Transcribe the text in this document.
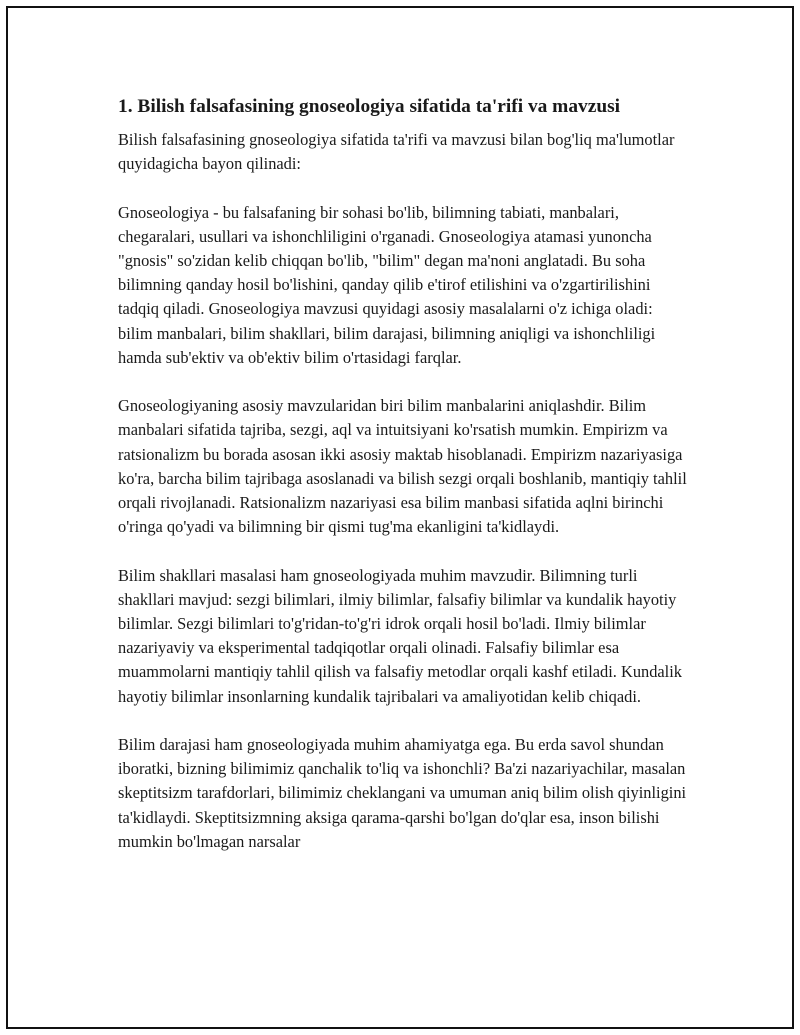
1. Bilish falsafasining gnoseologiya sifatida ta'rifi va mavzusi

Bilish falsafasining gnoseologiya sifatida ta'rifi va mavzusi bilan bog'liq ma'lumotlar quyidagicha bayon qilinadi:

Gnoseologiya - bu falsafaning bir sohasi bo'lib, bilimning tabiati, manbalari, chegaralari, usullari va ishonchliligini o'rganadi. Gnoseologiya atamasi yunoncha "gnosis" so'zidan kelib chiqqan bo'lib, "bilim" degan ma'noni anglatadi. Bu soha bilimning qanday hosil bo'lishini, qanday qilib e'tirof etilishini va o'zgartirilishini tadqiq qiladi. Gnoseologiya mavzusi quyidagi asosiy masalalarni o'z ichiga oladi: bilim manbalari, bilim shakllari, bilim darajasi, bilimning aniqligi va ishonchliligi hamda sub'ektiv va ob'ektiv bilim o'rtasidagi farqlar.

Gnoseologiyaning asosiy mavzularidan biri bilim manbalarini aniqlashdir. Bilim manbalari sifatida tajriba, sezgi, aql va intuitsiyani ko'rsatish mumkin. Empirizm va ratsionalizm bu borada asosan ikki asosiy maktab hisoblanadi. Empirizm nazariyasiga ko'ra, barcha bilim tajribaga asoslanadi va bilish sezgi orqali boshlanib, mantiqiy tahlil orqali rivojlanadi. Ratsionalizm nazariyasi esa bilim manbasi sifatida aqlni birinchi o'ringa qo'yadi va bilimning bir qismi tug'ma ekanligini ta'kidlaydi.

Bilim shakllari masalasi ham gnoseologiyada muhim mavzudir. Bilimning turli shakllari mavjud: sezgi bilimlari, ilmiy bilimlar, falsafiy bilimlar va kundalik hayotiy bilimlar. Sezgi bilimlari to'g'ridan-to'g'ri idrok orqali hosil bo'ladi. Ilmiy bilimlar nazariyaviy va eksperimental tadqiqotlar orqali olinadi. Falsafiy bilimlar esa muammolarni mantiqiy tahlil qilish va falsafiy metodlar orqali kashf etiladi. Kundalik hayotiy bilimlar insonlarning kundalik tajribalari va amaliyotidan kelib chiqadi.

Bilim darajasi ham gnoseologiyada muhim ahamiyatga ega. Bu erda savol shundan iboratki, bizning bilimimiz qanchalik to'liq va ishonchli? Ba'zi nazariyachilar, masalan skeptitsizm tarafdorlari, bilimimiz cheklangani va umuman aniq bilim olish qiyinligini ta'kidlaydi. Skeptitsizmning aksiga qarama-qarshi bo'lgan do'qlar esa, inson bilishi mumkin bo'lmagan narsalar
